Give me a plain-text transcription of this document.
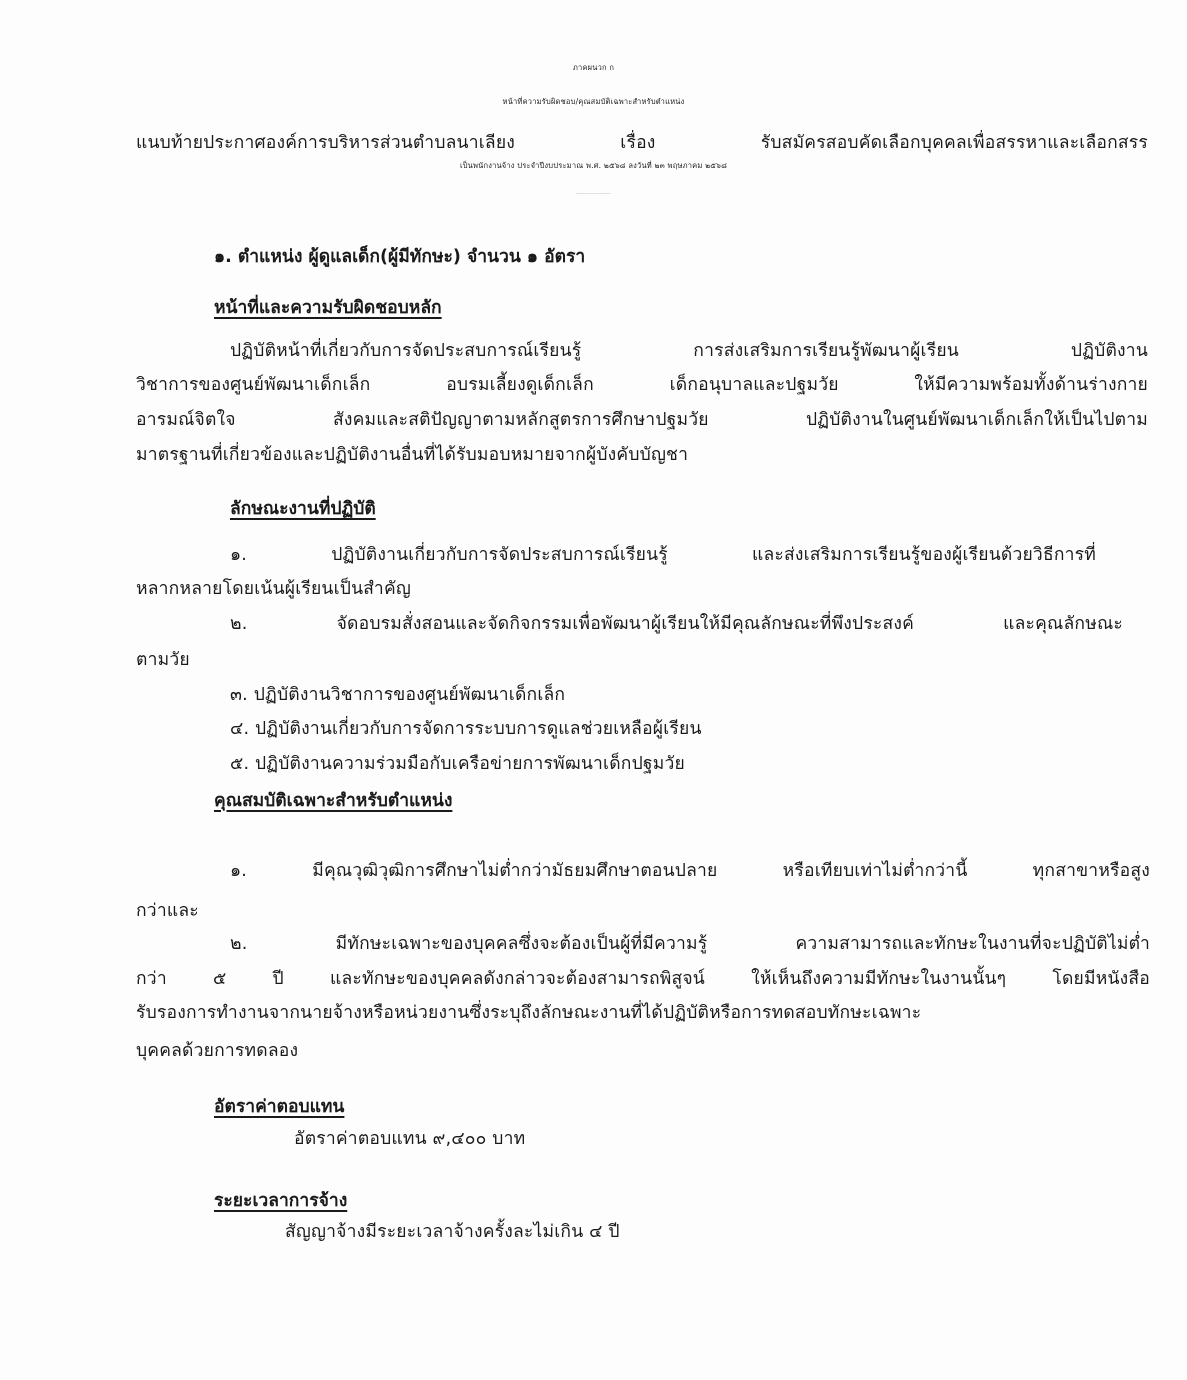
ภาคผนวก ก
หน้าที่ความรับผิดชอบ/คุณสมบัติเฉพาะสำหรับตำแหน่ง
แนบท้ายประกาศองค์การบริหารส่วนตำบลนาเลียง เรื่อง รับสมัครสอบคัดเลือกบุคคลเพื่อสรรหาและเลือกสรร
เป็นพนักงานจ้าง ประจำปีงบประมาณ พ.ศ. ๒๕๖๘ ลงวันที่ ๒๓ พฤษภาคม ๒๕๖๘
**************************************************
๑. ตำแหน่ง ผู้ดูแลเด็ก(ผู้มีทักษะ) จำนวน ๑ อัตรา
หน้าที่และความรับผิดชอบหลัก
ปฏิบัติหน้าที่เกี่ยวกับการจัดประสบการณ์เรียนรู้ การส่งเสริมการเรียนรู้พัฒนาผู้เรียน ปฏิบัติงาน
วิชาการของศูนย์พัฒนาเด็กเล็ก อบรมเลี้ยงดูเด็กเล็ก เด็กอนุบาลและปฐมวัย ให้มีความพร้อมทั้งด้านร่างกาย
อารมณ์จิตใจ สังคมและสติปัญญาตามหลักสูตรการศึกษาปฐมวัย ปฏิบัติงานในศูนย์พัฒนาเด็กเล็กให้เป็นไปตาม
มาตรฐานที่เกี่ยวข้องและปฏิบัติงานอื่นที่ได้รับมอบหมายจากผู้บังคับบัญชา
ลักษณะงานที่ปฏิบัติ
๑. ปฏิบัติงานเกี่ยวกับการจัดประสบการณ์เรียนรู้ และส่งเสริมการเรียนรู้ของผู้เรียนด้วยวิธีการที่
หลากหลายโดยเน้นผู้เรียนเป็นสำคัญ
๒. จัดอบรมสั่งสอนและจัดกิจกรรมเพื่อพัฒนาผู้เรียนให้มีคุณลักษณะที่พึงประสงค์ และคุณลักษณะ
ตามวัย
๓. ปฏิบัติงานวิชาการของศูนย์พัฒนาเด็กเล็ก
๔. ปฏิบัติงานเกี่ยวกับการจัดการระบบการดูแลช่วยเหลือผู้เรียน
๕. ปฏิบัติงานความร่วมมือกับเครือข่ายการพัฒนาเด็กปฐมวัย
คุณสมบัติเฉพาะสำหรับตำแหน่ง
๑. มีคุณวุฒิวุฒิการศึกษาไม่ต่ำกว่ามัธยมศึกษาตอนปลาย หรือเทียบเท่าไม่ต่ำกว่านี้ ทุกสาขาหรือสูง
กว่าและ
๒. มีทักษะเฉพาะของบุคคลซึ่งจะต้องเป็นผู้ที่มีความรู้ ความสามารถและทักษะในงานที่จะปฏิบัติไม่ต่ำ
กว่า ๕ ปี และทักษะของบุคคลดังกล่าวจะต้องสามารถพิสูจน์ ให้เห็นถึงความมีทักษะในงานนั้นๆ โดยมีหนังสือ
รับรองการทำงานจากนายจ้างหรือหน่วยงานซึ่งระบุถึงลักษณะงานที่ได้ปฏิบัติหรือการทดสอบทักษะเฉพาะ
บุคคลด้วยการทดลอง
อัตราค่าตอบแทน
อัตราค่าตอบแทน ๙,๔๐๐ บาท
ระยะเวลาการจ้าง
สัญญาจ้างมีระยะเวลาจ้างครั้งละไม่เกิน ๔ ปี
